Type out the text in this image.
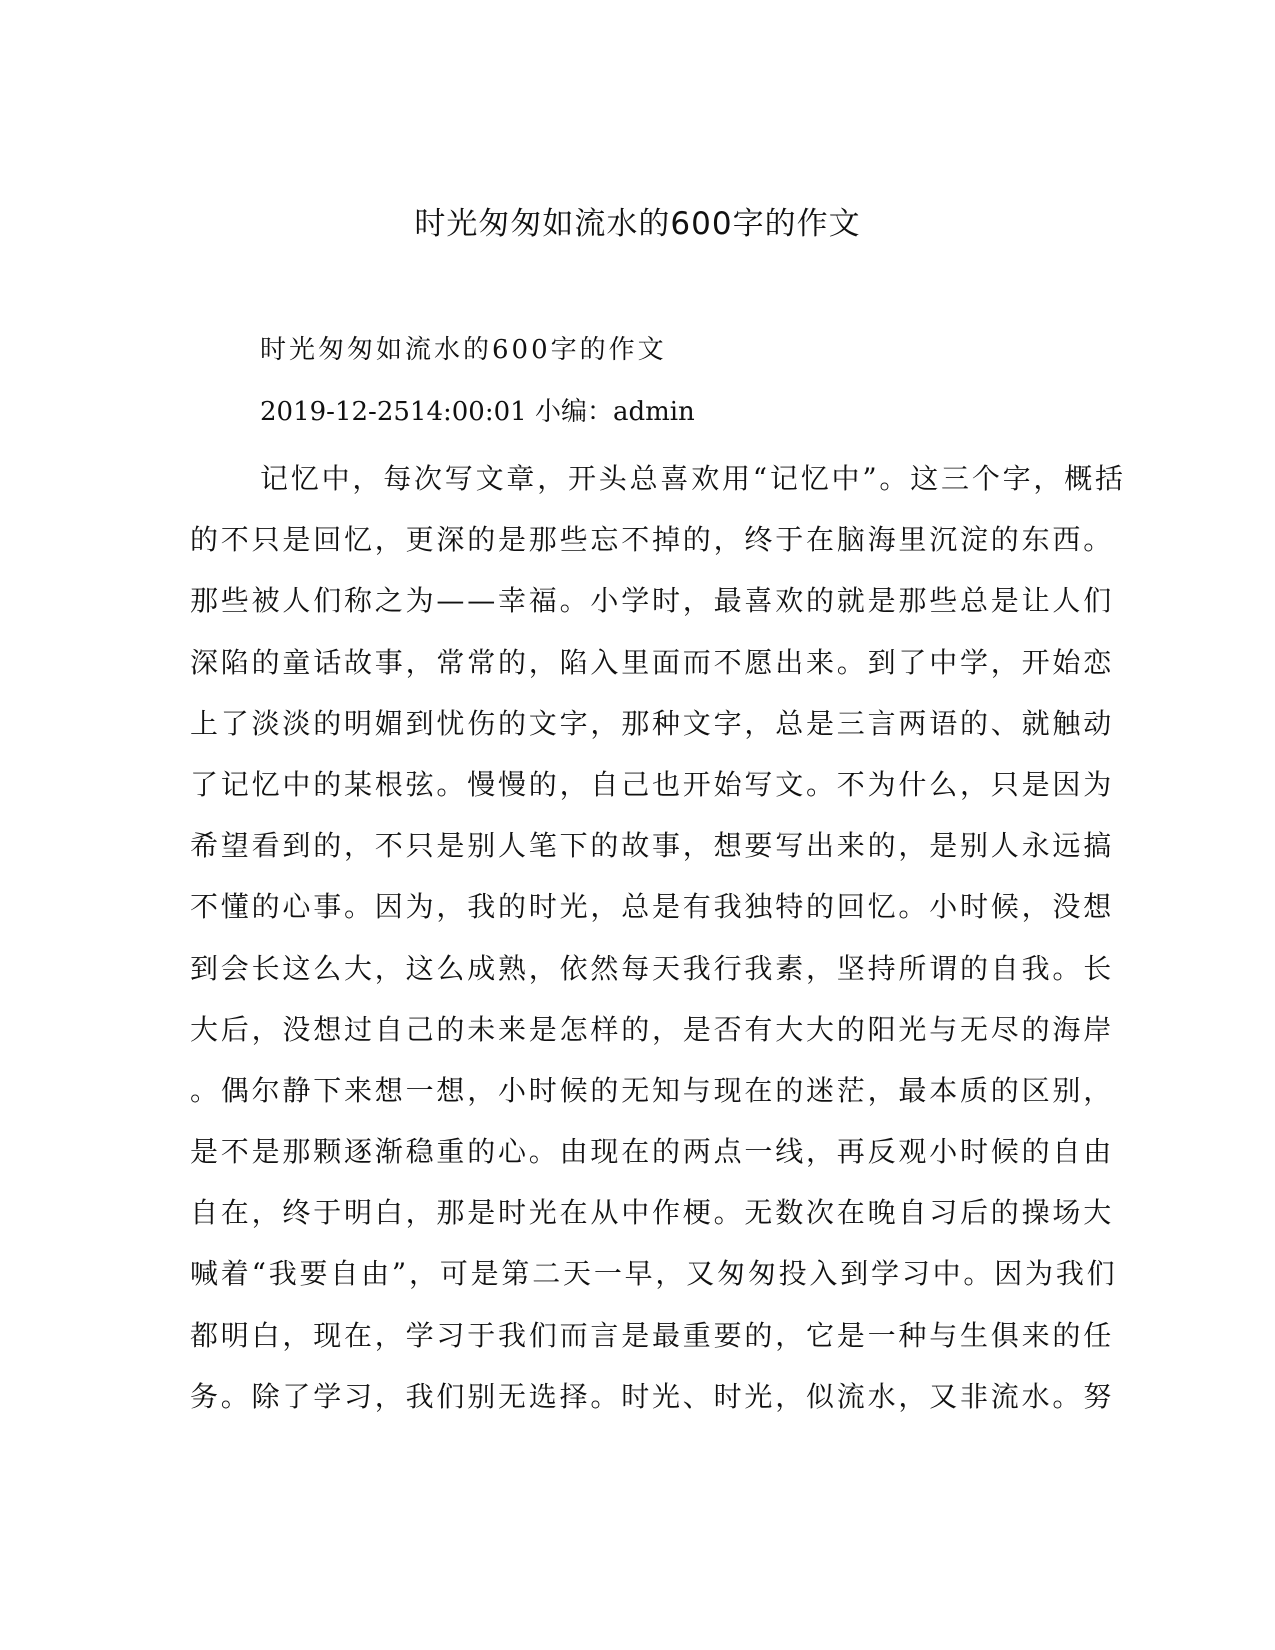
时光匆匆如流水的600字的作文
时光匆匆如流水的600字的作文
2019-12-2514:00:01 小编：admin
记忆中，每次写文章，开头总喜欢用“记忆中”。这三个字，概括
的不只是回忆，更深的是那些忘不掉的，终于在脑海里沉淀的东西。
那些被人们称之为——幸福。小学时，最喜欢的就是那些总是让人们
深陷的童话故事，常常的，陷入里面而不愿出来。到了中学，开始恋
上了淡淡的明媚到忧伤的文字，那种文字，总是三言两语的、就触动
了记忆中的某根弦。慢慢的，自己也开始写文。不为什么，只是因为
希望看到的，不只是别人笔下的故事，想要写出来的，是别人永远搞
不懂的心事。因为，我的时光，总是有我独特的回忆。小时候，没想
到会长这么大，这么成熟，依然每天我行我素，坚持所谓的自我。长
大后，没想过自己的未来是怎样的，是否有大大的阳光与无尽的海岸
。偶尔静下来想一想，小时候的无知与现在的迷茫，最本质的区别，
是不是那颗逐渐稳重的心。由现在的两点一线，再反观小时候的自由
自在，终于明白，那是时光在从中作梗。无数次在晚自习后的操场大
喊着“我要自由”，可是第二天一早，又匆匆投入到学习中。因为我们
都明白，现在，学习于我们而言是最重要的，它是一种与生俱来的任
务。除了学习，我们别无选择。时光、时光，似流水，又非流水。努
